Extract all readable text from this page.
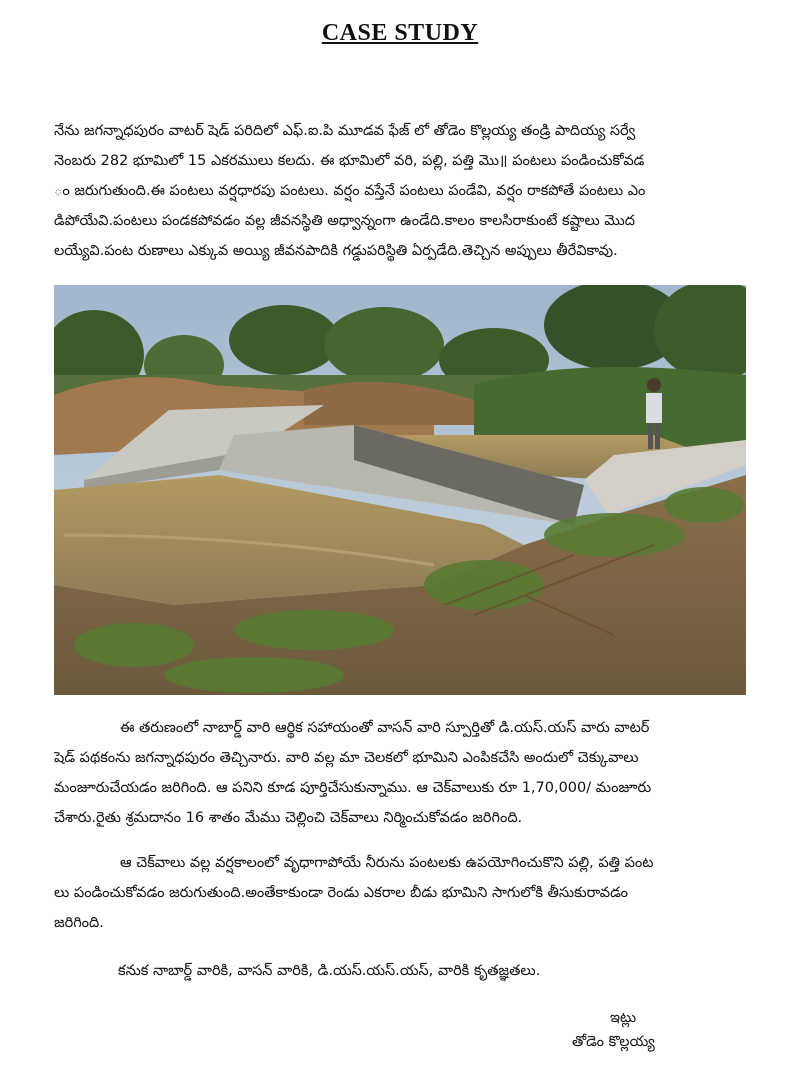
CASE STUDY
నేను జగన్నాధపురం వాటర్ షెడ్ పరిదిలో ఎఫ్.ఐ.పి మూడవ ఫేజ్ లో తోడెం కొల్లయ్య తండ్రి పాదియ్య సర్వే
నెంబరు 282 భూమిలో 15 ఎకరములు కలదు. ఈ భూమిలో వరి, పల్లి, పత్తి మొ॥ పంటలు పండించుకోవడ
ం జరుగుతుంది.ఈ పంటలు వర్షధారపు పంటలు. వర్షం వస్తేనే పంటలు పండేవి, వర్షం రాకపోతే పంటలు ఎం
డిపోయేవి.పంటలు పండకపోవడం వల్ల జీవనస్థితి అధ్వాన్నంగా ఉండేది.కాలం కాలసిరాకుంటే కష్టాలు మొద
లయ్యేవి.పంట రుణాలు ఎక్కువ అయ్యి జీవనపాదికి గడ్డుపరిస్థితి ఏర్పడేది.తెచ్చిన అప్పులు తీరేవికావు.
ఈ తరుణంలో నాబార్డ్ వారి ఆర్థిక సహాయంతో వాసన్ వారి స్పూర్తితో డి.యస్.యస్ వారు వాటర్
షెడ్ పథకంను జగన్నాధపురం తెచ్చినారు. వారి వల్ల మా చెలకలో భూమిని ఎంపికచేసి అందులో చెక్కువాలు
మంజూరుచేయడం జరిగింది. ఆ పనిని కూడ పూర్తిచేసుకున్నాము. ఆ చెక్‌వాలుకు రూ 1,70,000/ మంజూరు
చేశారు.రైతు శ్రమదానం 16 శాతం మేము చెల్లించి చెక్‌వాలు నిర్మించుకోవడం జరిగింది.
ఆ చెక్‌వాలు వల్ల వర్షకాలంలో వృధాగాపోయే నీరును పంటలకు ఉపయోగించుకొని పల్లి, పత్తి పంట
లు పండించుకోవడం జరుగుతుంది.అంతేకాకుండా రెండు ఎకరాల బీడు భూమిని సాగులోకి తీసుకురావడం
జరిగింది.
కనుక నాబార్డ్ వారికి, వాసన్ వారికి, డి.యస్.యస్.యస్, వారికి కృతజ్ఞతలు.
ఇట్లు
తోడెం కొల్లయ్య
